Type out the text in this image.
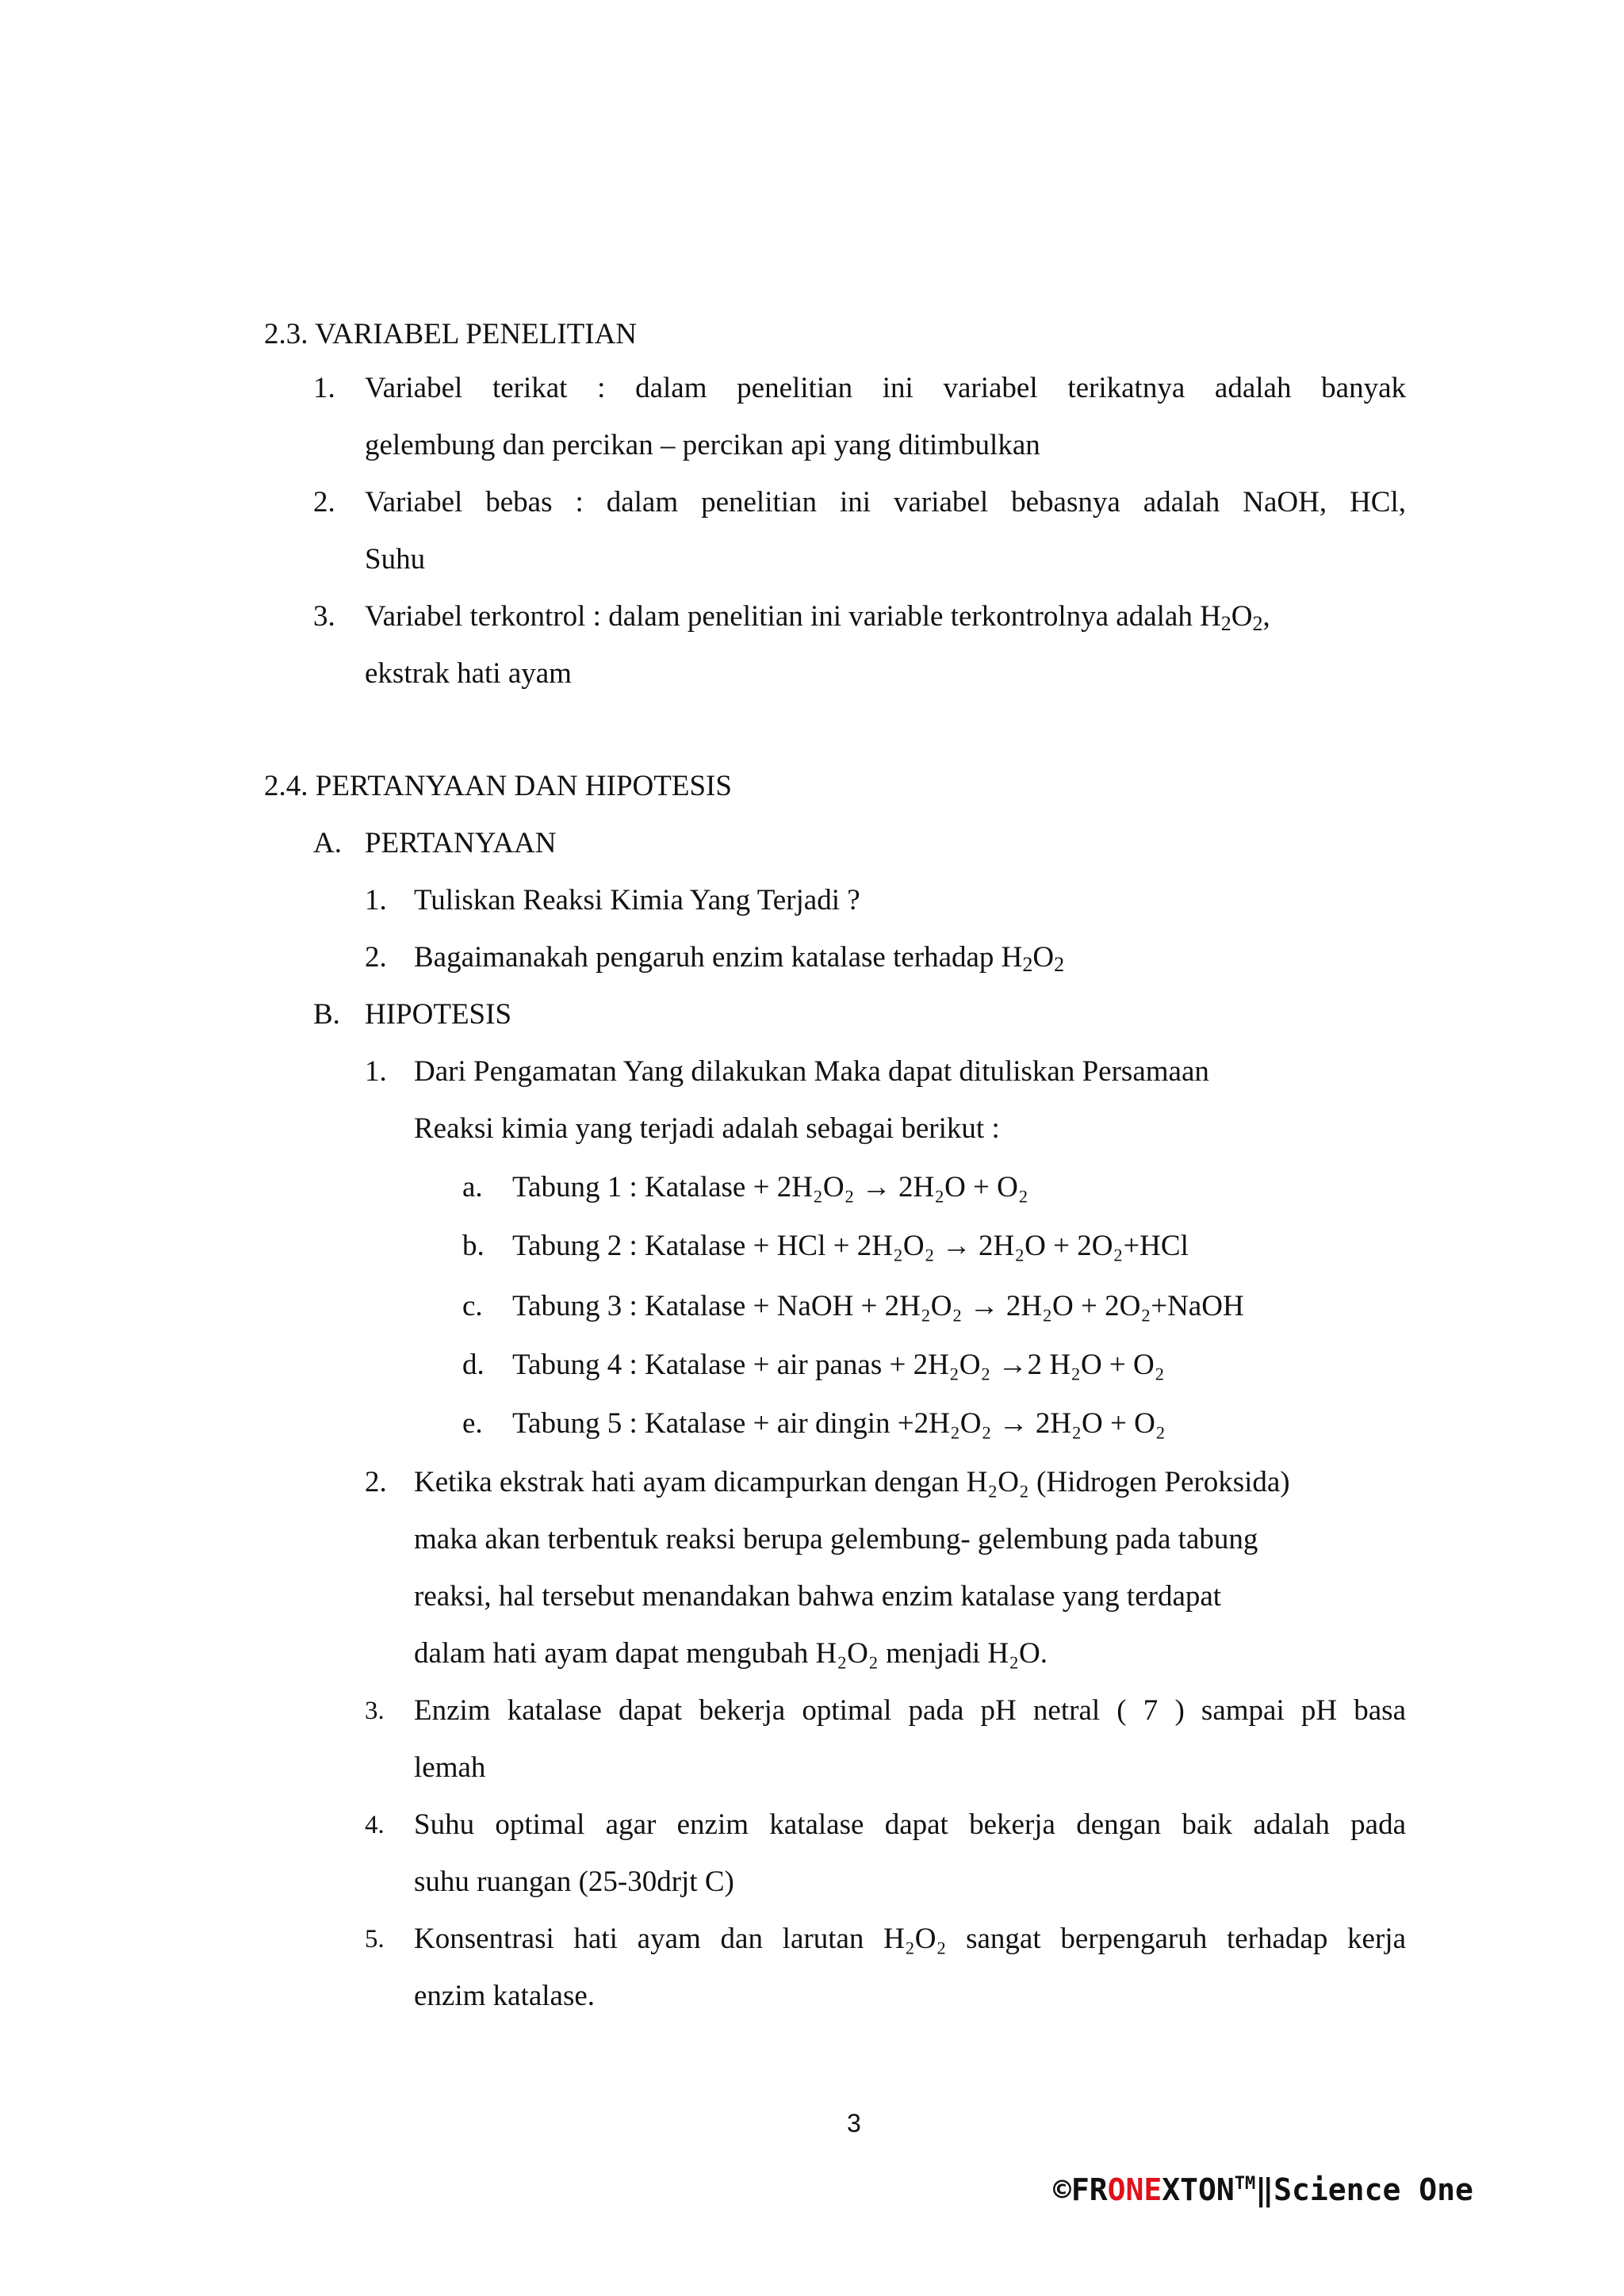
2.3. VARIABEL PENELITIAN
1. Variabel terikat : dalam penelitian ini variabel terikatnya adalah banyak
gelembung dan percikan – percikan api yang ditimbulkan
2. Variabel bebas : dalam penelitian ini variabel bebasnya adalah NaOH, HCl,
Suhu
3. Variabel terkontrol : dalam penelitian ini variable terkontrolnya adalah $H_2O_2$,
ekstrak hati ayam
2.4. PERTANYAAN DAN HIPOTESIS
A. PERTANYAAN
1. Tuliskan Reaksi Kimia Yang Terjadi ?
2. Bagaimanakah pengaruh enzim katalase terhadap $H_2O_2$
B. HIPOTESIS
1. Dari Pengamatan Yang dilakukan Maka dapat dituliskan Persamaan
Reaksi kimia yang terjadi adalah sebagai berikut :
a. Tabung 1 : Katalase + 2H₂O₂ → 2H₂O + O₂
b. Tabung 2 : Katalase + HCl + 2H₂O₂ → 2H₂O + 2O₂+HCl
c. Tabung 3 : Katalase + NaOH + 2H₂O₂ → 2H₂O + 2O₂+NaOH
d. Tabung 4 : Katalase + air panas + 2H₂O₂ →2 H₂O + O₂
e. Tabung 5 : Katalase + air dingin +2H₂O₂ → 2H₂O + O₂
2. Ketika ekstrak hati ayam dicampurkan dengan H₂O₂ (Hidrogen Peroksida)
maka akan terbentuk reaksi berupa gelembung- gelembung pada tabung
reaksi, hal tersebut menandakan bahwa enzim katalase yang terdapat
dalam hati ayam dapat mengubah H₂O₂ menjadi H₂O.
3. Enzim katalase dapat bekerja optimal pada pH netral ( 7 ) sampai pH basa
lemah
4. Suhu optimal agar enzim katalase dapat bekerja dengan baik adalah pada
suhu ruangan (25-30drjt C)
5. Konsentrasi hati ayam dan larutan H₂O₂ sangat berpengaruh terhadap kerja
enzim katalase.
3
©FRONEXTON™‖Science One
